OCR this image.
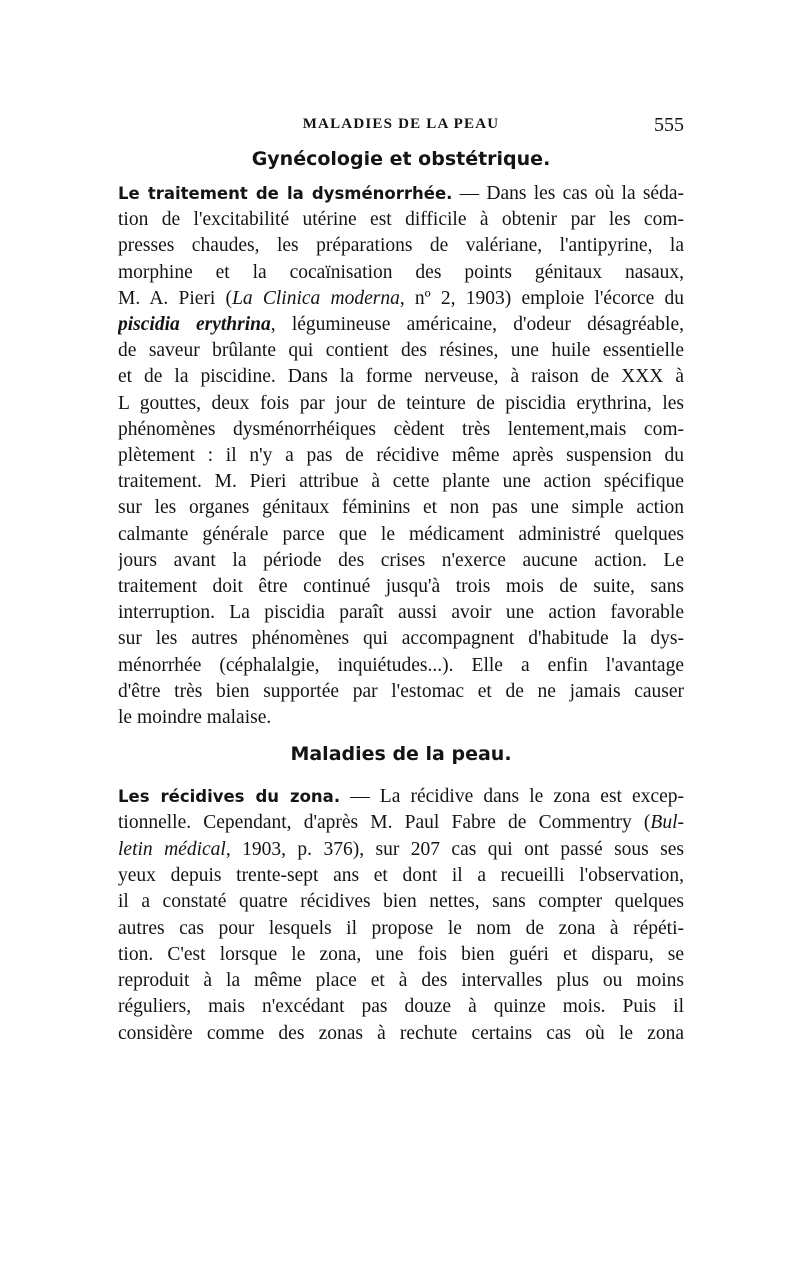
MALADIES DE LA PEAU	555
Gynécologie et obstétrique.
Le traitement de la dysménorrhée. — Dans les cas où la séda-
tion de l'excitabilité utérine est difficile à obtenir par les com-
presses chaudes, les préparations de valériane, l'antipyrine, la
morphine et la cocaïnisation des points génitaux nasaux,
M. A. Pieri (La Clinica moderna, nº 2, 1903) emploie l'écorce du
piscidia erythrina, légumineuse américaine, d'odeur désagréable,
de saveur brûlante qui contient des résines, une huile essentielle
et de la piscidine. Dans la forme nerveuse, à raison de XXX à
L gouttes, deux fois par jour de teinture de piscidia erythrina, les
phénomènes dysménorrhéiques cèdent très lentement,mais com-
plètement : il n'y a pas de récidive même après suspension du
traitement. M. Pieri attribue à cette plante une action spécifique
sur les organes génitaux féminins et non pas une simple action
calmante générale parce que le médicament administré quelques
jours avant la période des crises n'exerce aucune action. Le
traitement doit être continué jusqu'à trois mois de suite, sans
interruption. La piscidia paraît aussi avoir une action favorable
sur les autres phénomènes qui accompagnent d'habitude la dys-
ménorrhée (céphalalgie, inquiétudes...). Elle a enfin l'avantage
d'être très bien supportée par l'estomac et de ne jamais causer
le moindre malaise.
Maladies de la peau.
Les récidives du zona. — La récidive dans le zona est excep-
tionnelle. Cependant, d'après M. Paul Fabre de Commentry (Bul-
letin médical, 1903, p. 376), sur 207 cas qui ont passé sous ses
yeux depuis trente-sept ans et dont il a recueilli l'observation,
il a constaté quatre récidives bien nettes, sans compter quelques
autres cas pour lesquels il propose le nom de zona à répéti-
tion. C'est lorsque le zona, une fois bien guéri et disparu, se
reproduit à la même place et à des intervalles plus ou moins
réguliers, mais n'excédant pas douze à quinze mois. Puis il
considère comme des zonas à rechute certains cas où le zona
